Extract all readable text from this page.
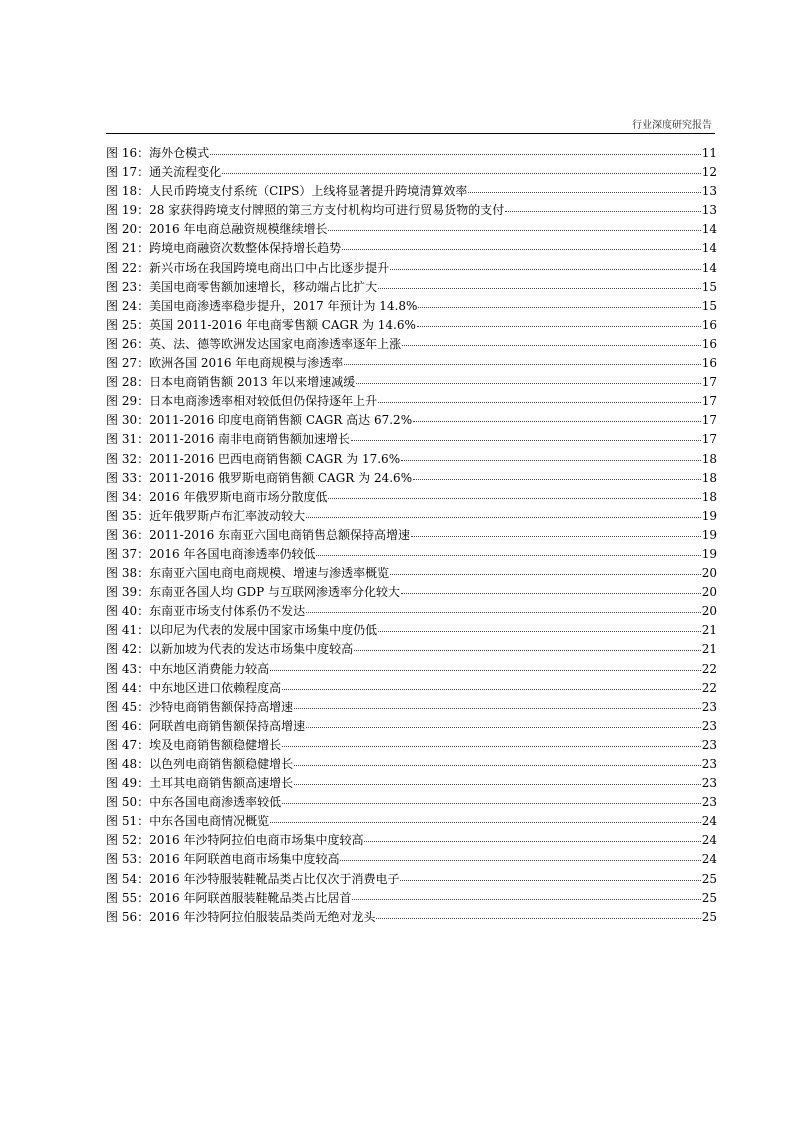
行业深度研究报告
图 16 ： 海外仓模式	11
图 17 ： 通关流程变化	12
图 18 ： 人民币跨境支付系统（CIPS）上线将显著提升跨境清算效率	13
图 19 ： 28 家获得跨境支付牌照的第三方支付机构均可进行贸易货物的支付	13
图 20 ： 2016 年电商总融资规模继续增长	14
图 21 ： 跨境电商融资次数整体保持增长趋势	14
图 22 ： 新兴市场在我国跨境电商出口中占比逐步提升	14
图 23 ： 美国电商零售额加速增长，移动端占比扩大	15
图 24 ： 美国电商渗透率稳步提升，2017 年预计为 14.8%	15
图 25 ： 英国 2011-2016 年电商零售额 CAGR 为 14.6%	16
图 26 ： 英、法、德等欧洲发达国家电商渗透率逐年上涨	16
图 27 ： 欧洲各国 2016 年电商规模与渗透率	16
图 28 ： 日本电商销售额 2013 年以来增速减缓	17
图 29 ： 日本电商渗透率相对较低但仍保持逐年上升	17
图 30 ： 2011-2016 印度电商销售额 CAGR 高达 67.2%	17
图 31 ： 2011-2016 南非电商销售额加速增长	17
图 32 ： 2011-2016 巴西电商销售额 CAGR 为 17.6%	18
图 33 ： 2011-2016 俄罗斯电商销售额 CAGR 为 24.6%	18
图 34 ： 2016 年俄罗斯电商市场分散度低	18
图 35 ： 近年俄罗斯卢布汇率波动较大	19
图 36 ： 2011-2016 东南亚六国电商销售总额保持高增速	19
图 37 ： 2016 年各国电商渗透率仍较低	19
图 38 ： 东南亚六国电商电商规模、增速与渗透率概览	20
图 39 ： 东南亚各国人均 GDP 与互联网渗透率分化较大	20
图 40 ： 东南亚市场支付体系仍不发达	20
图 41 ： 以印尼为代表的发展中国家市场集中度仍低	21
图 42 ： 以新加坡为代表的发达市场集中度较高	21
图 43 ： 中东地区消费能力较高	22
图 44 ： 中东地区进口依赖程度高	22
图 45 ： 沙特电商销售额保持高增速	23
图 46 ： 阿联酋电商销售额保持高增速	23
图 47 ： 埃及电商销售额稳健增长	23
图 48 ： 以色列电商销售额稳健增长	23
图 49 ： 土耳其电商销售额高速增长	23
图 50 ： 中东各国电商渗透率较低	23
图 51 ： 中东各国电商情况概览	24
图 52 ： 2016 年沙特阿拉伯电商市场集中度较高	24
图 53 ： 2016 年阿联酋电商市场集中度较高	24
图 54 ： 2016 年沙特服装鞋靴品类占比仅次于消费电子	25
图 55 ： 2016 年阿联酋服装鞋靴品类占比居首	25
图 56 ： 2016 年沙特阿拉伯服装品类尚无绝对龙头	25
